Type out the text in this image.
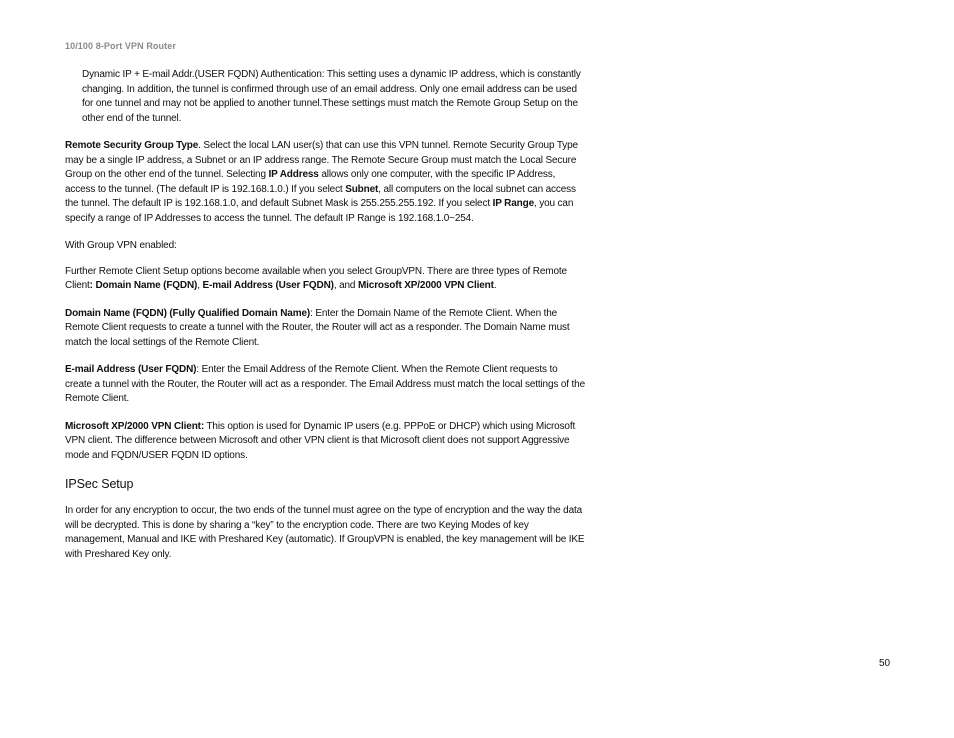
10/100 8-Port VPN Router

Dynamic IP + E-mail Addr.(USER FQDN) Authentication: This setting uses a dynamic IP address, which is constantly changing. In addition, the tunnel is confirmed through use of an email address. Only one email address can be used for one tunnel and may not be applied to another tunnel.These settings must match the Remote Group Setup on the other end of the tunnel.

Remote Security Group Type. Select the local LAN user(s) that can use this VPN tunnel. Remote Security Group Type may be a single IP address, a Subnet or an IP address range. The Remote Secure Group must match the Local Secure Group on the other end of the tunnel. Selecting IP Address allows only one computer, with the specific IP Address, access to the tunnel. (The default IP is 192.168.1.0.) If you select Subnet, all computers on the local subnet can access the tunnel. The default IP is 192.168.1.0, and default Subnet Mask is 255.255.255.192. If you select IP Range, you can specify a range of IP Addresses to access the tunnel. The default IP Range is 192.168.1.0~254.

With Group VPN enabled:

Further Remote Client Setup options become available when you select GroupVPN. There are three types of Remote Client: Domain Name (FQDN), E-mail Address (User FQDN), and Microsoft XP/2000 VPN Client.

Domain Name (FQDN) (Fully Qualified Domain Name): Enter the Domain Name of the Remote Client. When the Remote Client requests to create a tunnel with the Router, the Router will act as a responder. The Domain Name must match the local settings of the Remote Client.

E-mail Address (User FQDN): Enter the Email Address of the Remote Client. When the Remote Client requests to create a tunnel with the Router, the Router will act as a responder. The Email Address must match the local settings of the Remote Client.

Microsoft XP/2000 VPN Client: This option is used for Dynamic IP users (e.g. PPPoE or DHCP) which using Microsoft VPN client. The difference between Microsoft and other VPN client is that Microsoft client does not support Aggressive mode and FQDN/USER FQDN ID options.

IPSec Setup

In order for any encryption to occur, the two ends of the tunnel must agree on the type of encryption and the way the data will be decrypted. This is done by sharing a “key” to the encryption code. There are two Keying Modes of key management, Manual and IKE with Preshared Key (automatic). If GroupVPN is enabled, the key management will be IKE with Preshared Key only.

50
